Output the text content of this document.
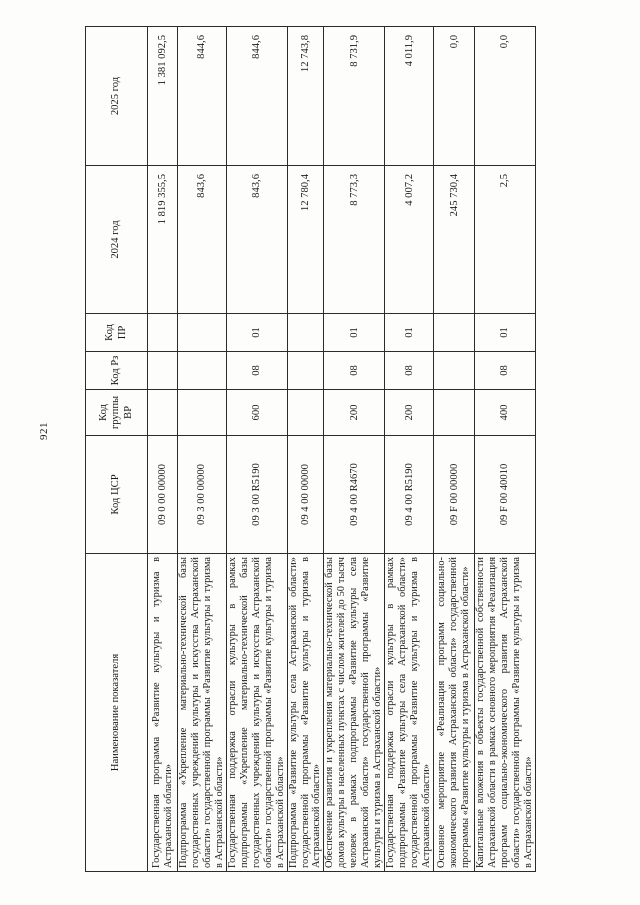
921
Наименование показателя	Код ЦСР	Код группы ВР	Код Рз	Код ПР	2024 год	2025 год
Государственная программа «Развитие культуры и туризма в Астраханской области»	09 0 00 00000				1 819 355,5	1 381 092,5
Подпрограмма «Укрепление материально-технической базы государственных учреждений культуры и искусства Астраханской области» государственной программы «Развитие культуры и туризма в Астраханской области»	09 3 00 00000				843,6	844,6
Государственная поддержка отрасли культуры в рамках подпрограммы «Укрепление материально-технической базы государственных учреждений культуры и искусства Астраханской области» государственной программы «Развитие культуры и туризма в Астраханской области»	09 3 00 R5190	600	08	01	843,6	844,6
Подпрограмма «Развитие культуры села Астраханской области» государственной программы «Развитие культуры и туризма в Астраханской области»	09 4 00 00000				12 780,4	12 743,8
Обеспечение развития и укрепления материально-технической базы домов культуры в населенных пунктах с числом жителей до 50 тысяч человек в рамках подпрограммы «Развитие культуры села Астраханской области» государственной программы «Развитие культуры и туризма в Астраханской области»	09 4 00 R4670	200	08	01	8 773,3	8 731,9
Государственная поддержка отрасли культуры в рамках подпрограммы «Развитие культуры села Астраханской области» государственной программы «Развитие культуры и туризма в Астраханской области»	09 4 00 R5190	200	08	01	4 007,2	4 011,9
Основное мероприятие «Реализация программ социально-экономического развития Астраханской области» государственной программы «Развитие культуры и туризма в Астраханской области»	09 F 00 00000				245 730,4	0,0
Капитальные вложения в объекты государственной собственности Астраханской области в рамках основного мероприятия «Реализация программ социально-экономического развития Астраханской области» государственной программы «Развитие культуры и туризма в Астраханской области»	09 F 00 40010	400	08	01	2,5	0,0
